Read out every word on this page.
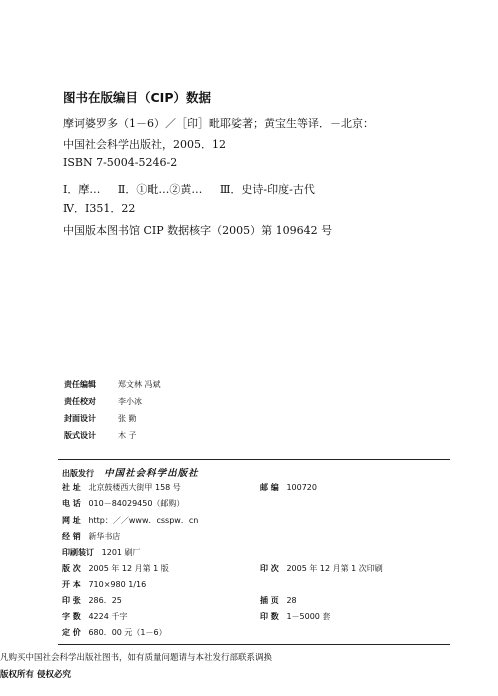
图书在版编目（CIP）数据
摩诃婆罗多（1－6）／［印］毗耶娑著；黄宝生等译．－北京：
中国社会科学出版社，2005．12
ISBN 7-5004-5246-2
Ⅰ．摩… Ⅱ．①毗…②黄… Ⅲ．史诗-印度-古代
Ⅳ．I351．22
中国版本图书馆 CIP 数据核字（2005）第 109642 号
责任编辑	郑文林 冯斌
责任校对	李小冰
封面设计	张 勤
版式设计	木 子
出版发行 中国社会科学出版社
社 址 北京鼓楼西大街甲 158 号	邮 编 100720
电 话 010－84029450（邮购）
网 址 http：／／www．csspw．cn
经 销 新华书店
印刷装订 1201 刷厂
版 次 2005 年 12 月第 1 版	印 次 2005 年 12 月第 1 次印刷
开 本 710×980 1/16
印 张 286．25	插 页 28
字 数 4224 千字	印 数 1－5000 套
定 价 680．00 元（1－6）
凡购买中国社会科学出版社图书，如有质量问题请与本社发行部联系调换
版权所有 侵权必究
